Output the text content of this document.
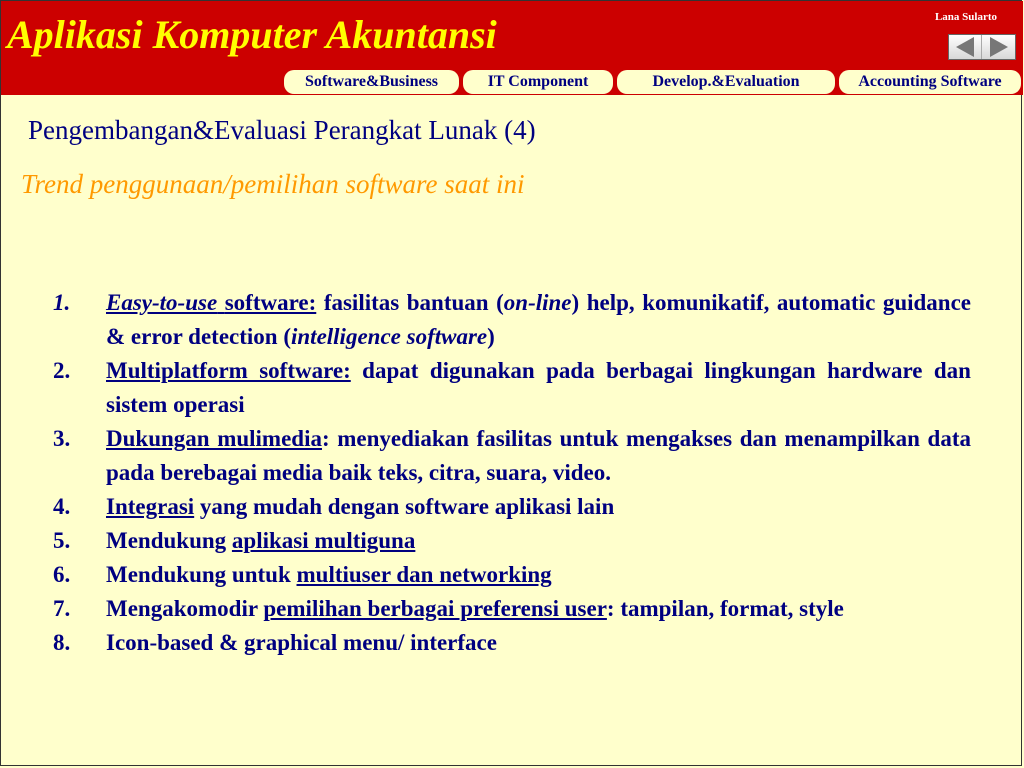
Aplikasi Komputer Akuntansi	Lana Sularto
Software&Business	IT Component	Develop.&Evaluation	Accounting Software
Pengembangan&Evaluasi Perangkat Lunak (4)
Trend penggunaan/pemilihan software saat ini
1.	Easy-to-use software: fasilitas bantuan (on-line) help, komunikatif, automatic guidance & error detection (intelligence software)
2.	Multiplatform software: dapat digunakan pada berbagai lingkungan hardware dan sistem operasi
3.	Dukungan mulimedia: menyediakan fasilitas untuk mengakses dan menampilkan data pada berebagai media baik teks, citra, suara, video.
4.	Integrasi yang mudah dengan software aplikasi lain
5.	Mendukung aplikasi multiguna
6.	Mendukung untuk multiuser dan networking
7.	Mengakomodir pemilihan berbagai preferensi user: tampilan, format, style
8.	Icon-based & graphical menu/ interface
